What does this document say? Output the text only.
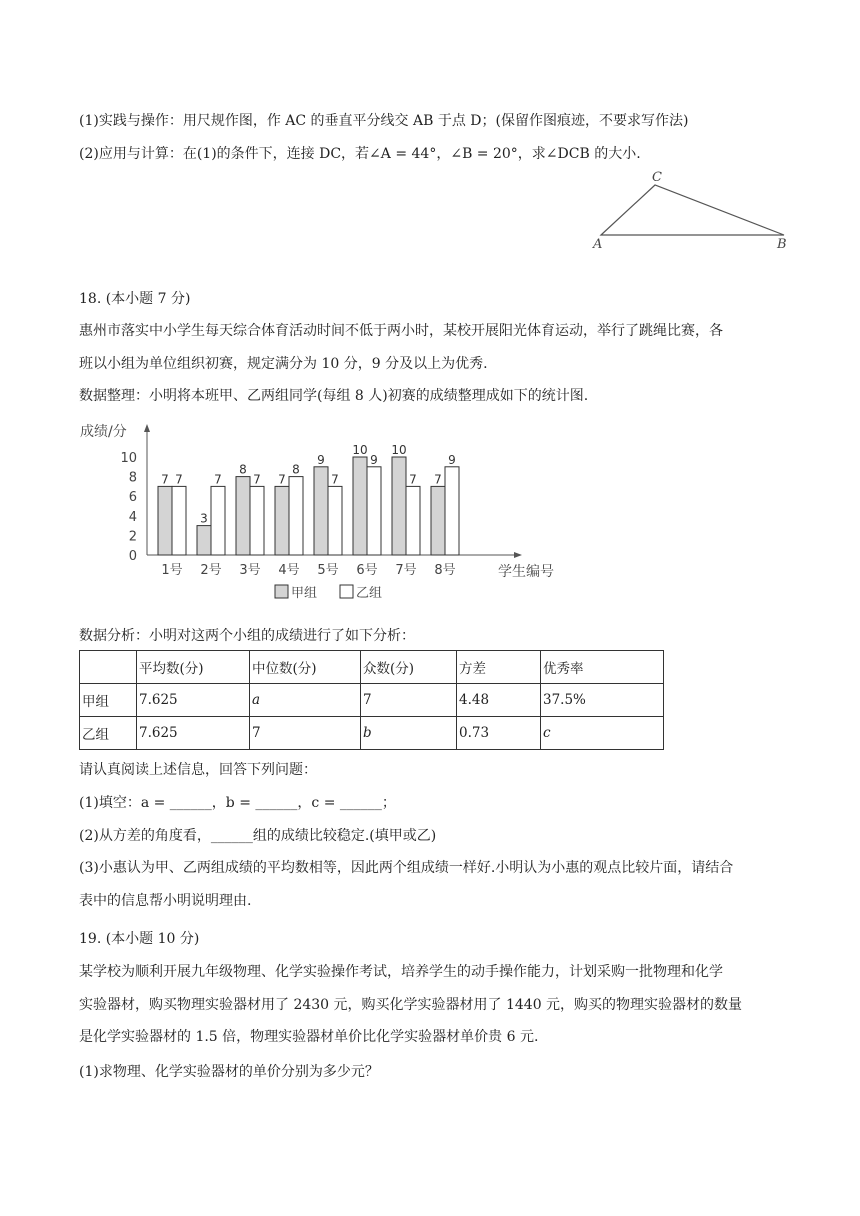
(1)实践与操作：用尺规作图，作 AC 的垂直平分线交 AB 于点 D；(保留作图痕迹，不要求写作法)
(2)应用与计算：在(1)的条件下，连接 DC，若∠A = 44°，∠B = 20°，求∠DCB 的大小.
C
A	B
18. (本小题 7 分)
惠州市落实中小学生每天综合体育活动时间不低于两小时，某校开展阳光体育运动，举行了跳绳比赛，各
班以小组为单位组织初赛，规定满分为 10 分，9 分及以上为优秀.
数据整理：小明将本班甲、乙两组同学(每组 8 人)初赛的成绩整理成如下的统计图.
成绩/分
学生编号
0
2
4
6
8
10
7 7
1号
3
7
2号
8
7
3号
7
8
4号
9
7
5号
10
9
6号
10
7
7号
7
9
8号
甲组	乙组
数据分析：小明对这两个小组的成绩进行了如下分析：
	平均数(分)	中位数(分)	众数(分)	方差	优秀率
甲组	7.625	a	7	4.48	37.5%
乙组	7.625	7	b	0.73	c
请认真阅读上述信息，回答下列问题：
(1)填空：a = ______，b = ______，c = ______；
(2)从方差的角度看，______组的成绩比较稳定.(填甲或乙)
(3)小惠认为甲、乙两组成绩的平均数相等，因此两个组成绩一样好.小明认为小惠的观点比较片面，请结合
表中的信息帮小明说明理由.
19. (本小题 10 分)
某学校为顺利开展九年级物理、化学实验操作考试，培养学生的动手操作能力，计划采购一批物理和化学
实验器材，购买物理实验器材用了 2430 元，购买化学实验器材用了 1440 元，购买的物理实验器材的数量
是化学实验器材的 1.5 倍，物理实验器材单价比化学实验器材单价贵 6 元.
(1)求物理、化学实验器材的单价分别为多少元？
